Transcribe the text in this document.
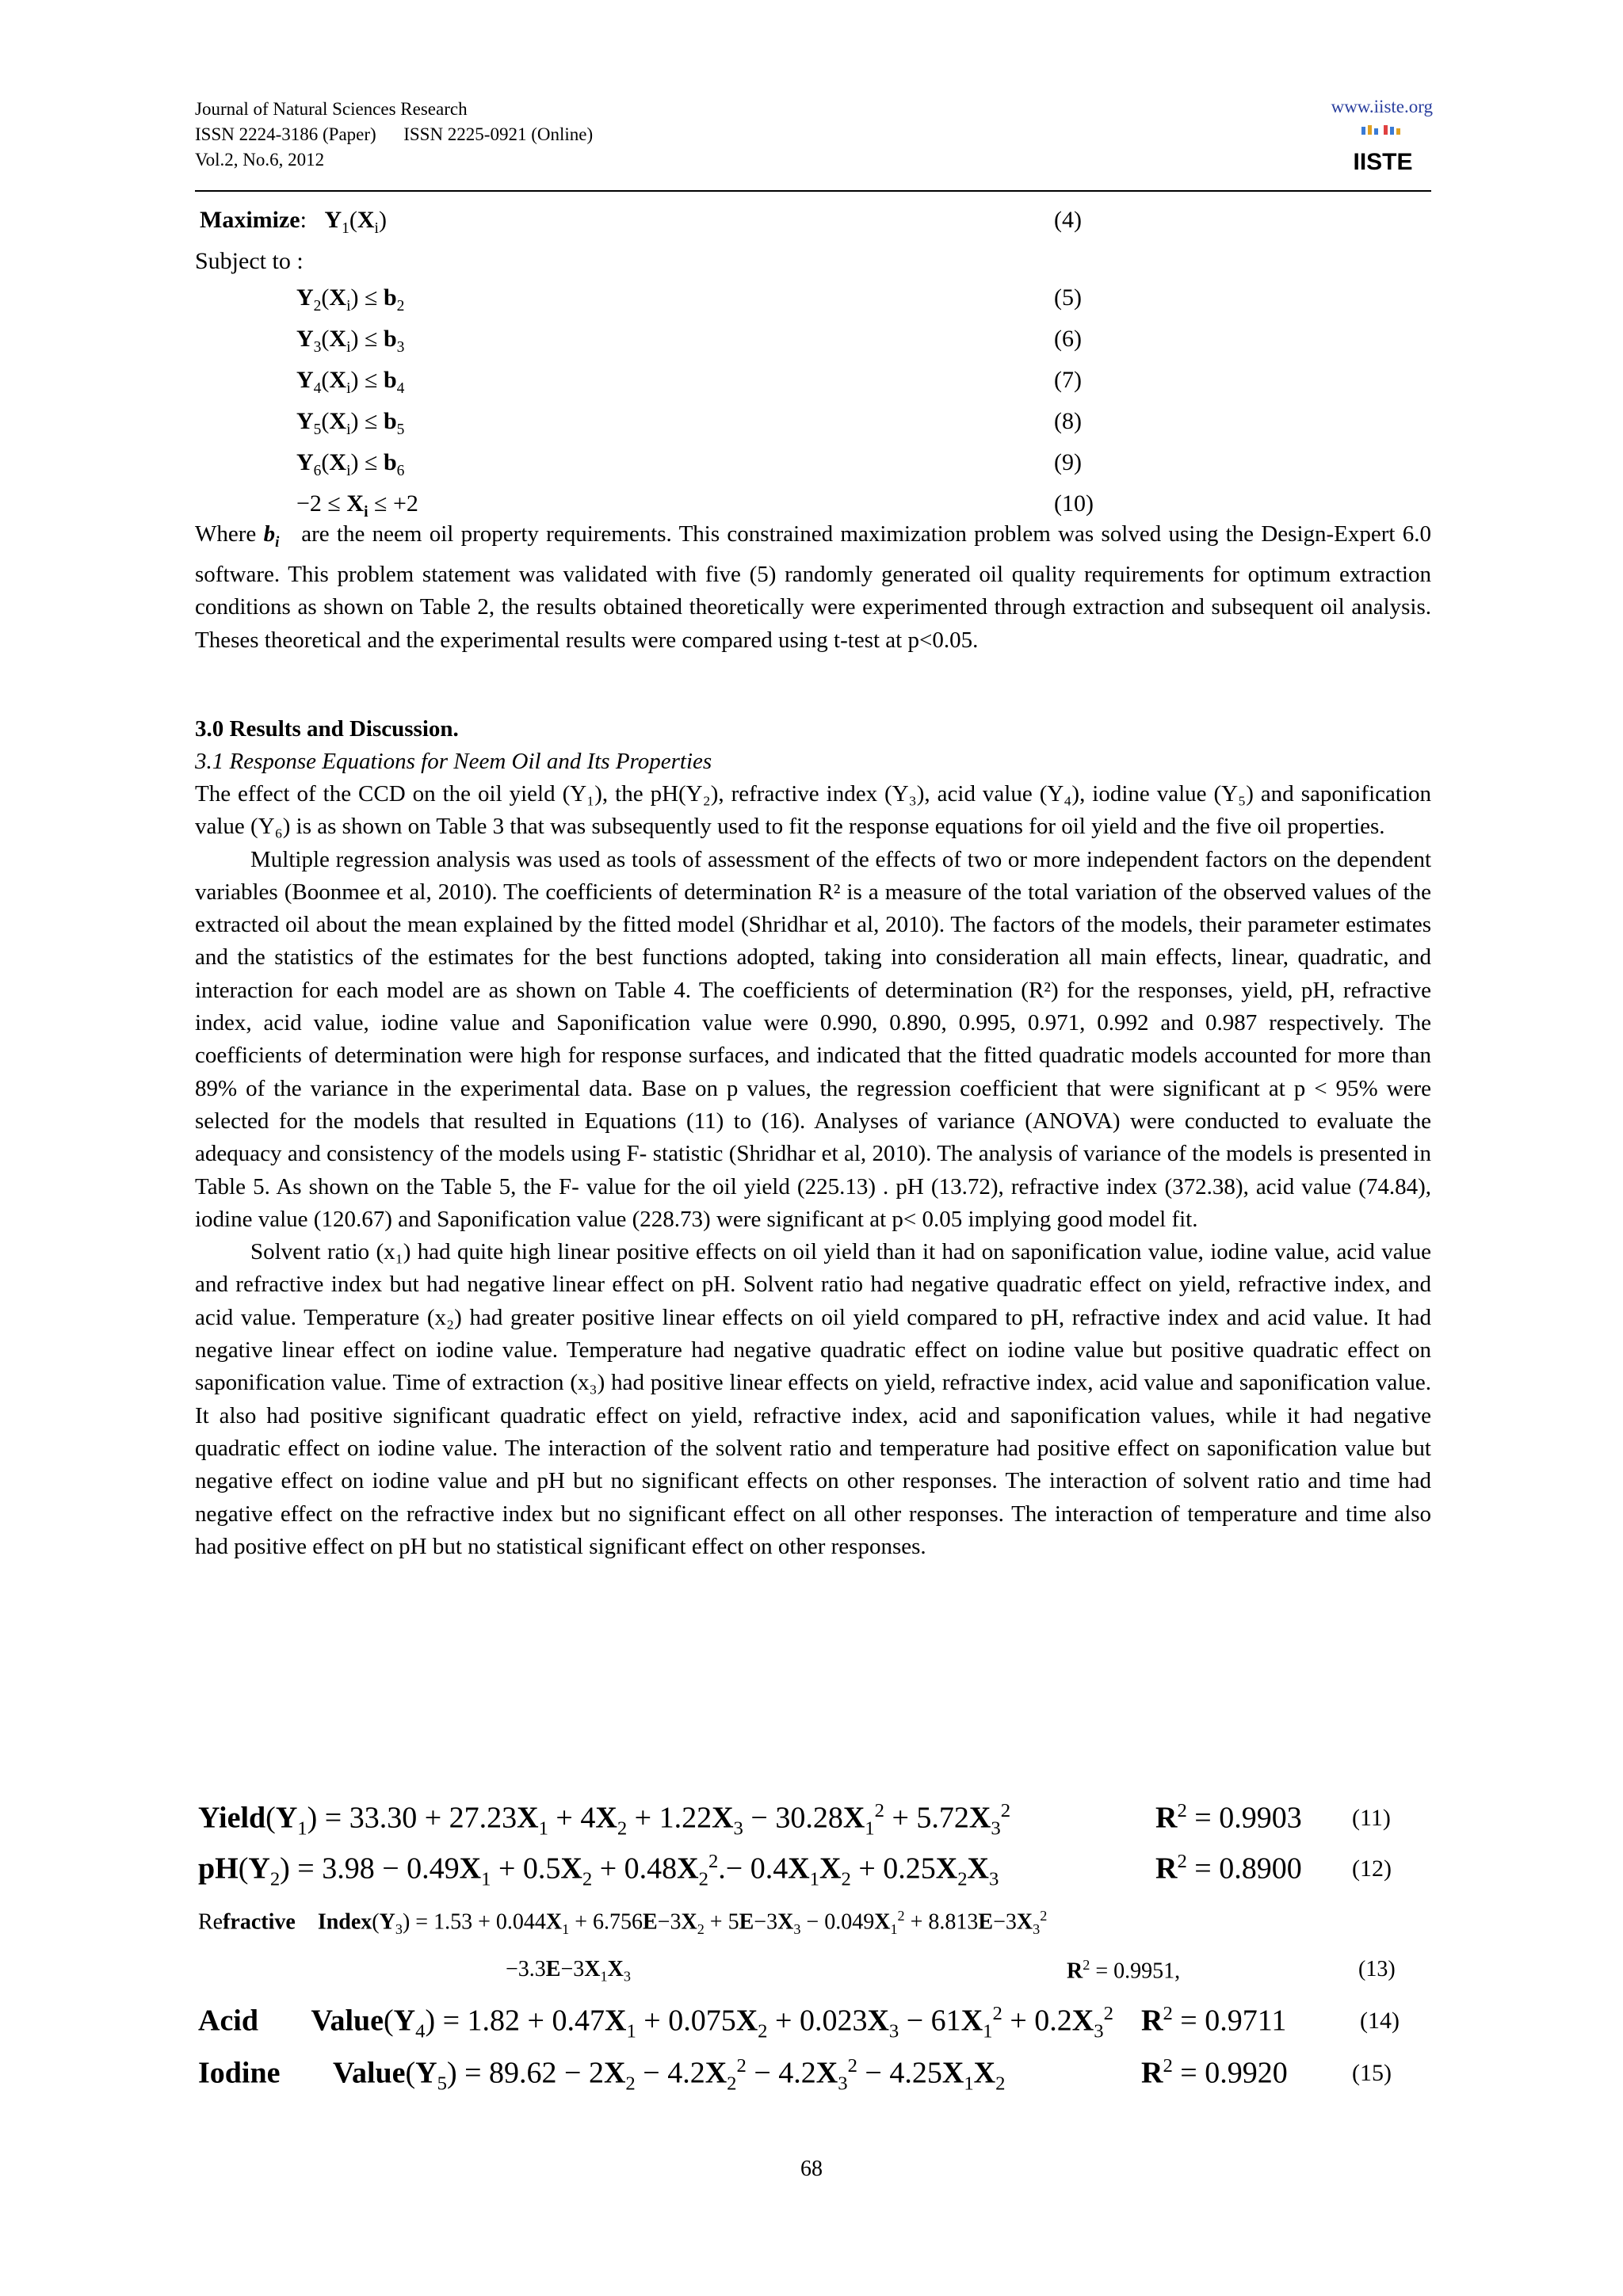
Journal of Natural Sciences Research
ISSN 2224-3186 (Paper) ISSN 2225-0921 (Online)
Vol.2, No.6, 2012
www.iiste.org
IISTE
Maximize:   $Y_1(X_i)$	(4)
Subject to :
$Y_2(X_i) \le b_2$	(5)
$Y_3(X_i) \le b_3$	(6)
$Y_4(X_i) \le b_4$	(7)
$Y_5(X_i) \le b_5$	(8)
$Y_6(X_i) \le b_6$	(9)
$-2 \le X_i \le +2$	(10)

Where $b_i$ are the neem oil property requirements. This constrained maximization problem was solved using the Design-Expert 6.0 software. This problem statement was validated with five (5) randomly generated oil quality requirements for optimum extraction conditions as shown on Table 2, the results obtained theoretically were experimented through extraction and subsequent oil analysis. Theses theoretical and the experimental results were compared using t-test at p<0.05.

3.0 Results and Discussion.
3.1 Response Equations for Neem Oil and Its Properties

The effect of the CCD on the oil yield (Y₁), the pH(Y₂), refractive index (Y₃), acid value (Y₄), iodine value (Y₅) and saponification value (Y₆) is as shown on Table 3 that was subsequently used to fit the response equations for oil yield and the five oil properties.

Multiple regression analysis was used as tools of assessment of the effects of two or more independent factors on the dependent variables (Boonmee et al, 2010). The coefficients of determination R² is a measure of the total variation of the observed values of the extracted oil about the mean explained by the fitted model (Shridhar et al, 2010). The factors of the models, their parameter estimates and the statistics of the estimates for the best functions adopted, taking into consideration all main effects, linear, quadratic, and interaction for each model are as shown on Table 4. The coefficients of determination (R²) for the responses, yield, pH, refractive index, acid value, iodine value and Saponification value were 0.990, 0.890, 0.995, 0.971, 0.992 and 0.987 respectively. The coefficients of determination were high for response surfaces, and indicated that the fitted quadratic models accounted for more than 89% of the variance in the experimental data. Base on p values, the regression coefficient that were significant at p < 95% were selected for the models that resulted in Equations (11) to (16). Analyses of variance (ANOVA) were conducted to evaluate the adequacy and consistency of the models using F- statistic (Shridhar et al, 2010). The analysis of variance of the models is presented in Table 5. As shown on the Table 5, the F- value for the oil yield (225.13) . pH (13.72), refractive index (372.38), acid value (74.84), iodine value (120.67) and Saponification value (228.73) were significant at p< 0.05 implying good model fit.

Solvent ratio (x₁) had quite high linear positive effects on oil yield than it had on saponification value, iodine value, acid value and refractive index but had negative linear effect on pH. Solvent ratio had negative quadratic effect on yield, refractive index, and acid value. Temperature (x₂) had greater positive linear effects on oil yield compared to pH, refractive index and acid value. It had negative linear effect on iodine value. Temperature had negative quadratic effect on iodine value but positive quadratic effect on saponification value. Time of extraction (x₃) had positive linear effects on yield, refractive index, acid value and saponification value. It also had positive significant quadratic effect on yield, refractive index, acid and saponification values, while it had negative quadratic effect on iodine value. The interaction of the solvent ratio and temperature had positive effect on saponification value but negative effect on iodine value and pH but no significant effects on other responses. The interaction of solvent ratio and time had negative effect on the refractive index but no significant effect on all other responses. The interaction of temperature and time also had positive effect on pH but no statistical significant effect on other responses.

$Yield(Y_1) = 33.30 + 27.23X_1 + 4X_2 + 1.22X_3 - 30.28X_1^2 + 5.72X_3^2$	$R^2 = 0.9903$ (11)
$pH(Y_2) = 3.98 - 0.49X_1 + 0.5X_2 + 0.48X_2^2.- 0.4X_1X_2 + 0.25X_2X_3$	$R^2 = 0.8900$ (12)
Refractive $Index(Y_3) = 1.53 + 0.044X_1 + 6.756E-3X_2 + 5E-3X_3 - 0.049X_1^2 + 8.813E-3X_3^2$
$-3.3E-3X_1X_3$	$R^2 = 0.9951$,	(13)
Acid $Value(Y_4) = 1.82 + 0.47X_1 + 0.075X_2 + 0.023X_3 - 61X_1^2 + 0.2X_3^2$ $R^2 = 0.9711$	(14)
Iodine $Value(Y_5) = 89.62 - 2X_2 - 4.2X_2^2 - 4.2X_3^2 - 4.25X_1X_2$	$R^2 = 0.9920$	(15)
68
